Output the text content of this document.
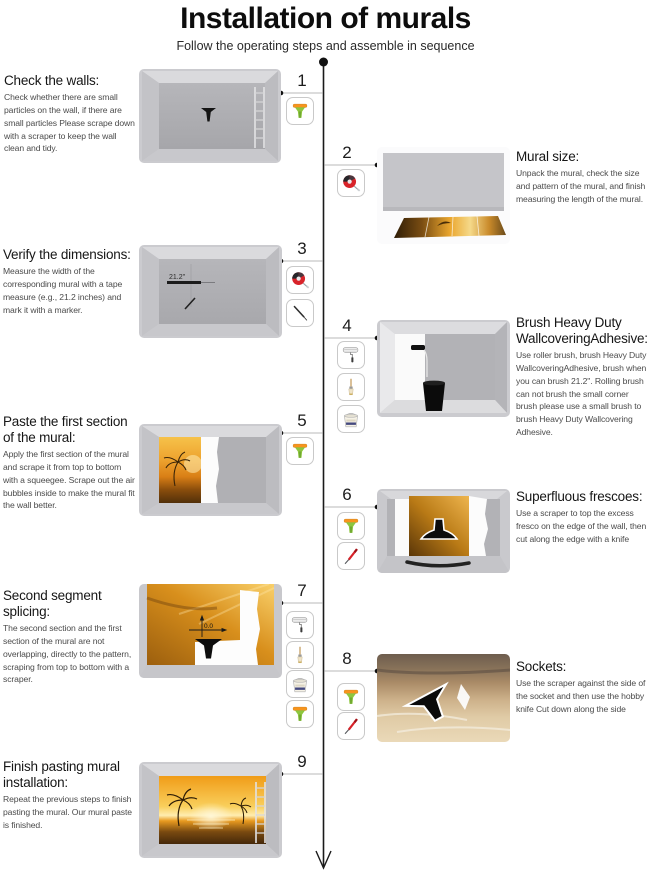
Installation of murals

Follow the operating steps and assemble in sequence

1
2
3
4
5
6
7
8
9
Check the walls:

Check whether there are small particles on the wall, if there are small particles Please scrape down with a scraper to keep the wall clean and tidy.

Mural size:

Unpack the mural, check the size and pattern of the mural, and finish measuring the length of the mural.

Verify the dimensions:

Measure the width of the corresponding mural with a tape measure (e.g., 21.2 inches) and mark it with a marker.

Brush Heavy Duty WallcoveringAdhesive:

Use roller brush, brush Heavy Duty WallcoveringAdhesive, brush when you can brush 21.2". Rolling brush can not brush the small corner brush please use a small brush to brush Heavy Duty Wallcovering Adhesive.

Paste the first section of the mural:

Apply the first section of the mural and scrape it from top to bottom with a squeegee. Scrape out the air bubbles inside to make the mural fit the wall better.

Superfluous frescoes:

Use a scraper to top the excess fresco on the edge of the wall, then cut along the edge with a knife

Second segment splicing:

The second section and the first section of the mural are not overlapping, directly to the pattern, scraping from top to bottom with a scraper.

Sockets:

Use the scraper against the side of the socket and then use the hobby knife Cut down along the side

Finish pasting mural installation:

Repeat the previous steps to finish pasting the mural. Our mural paste is finished.

21.2"
0.0
